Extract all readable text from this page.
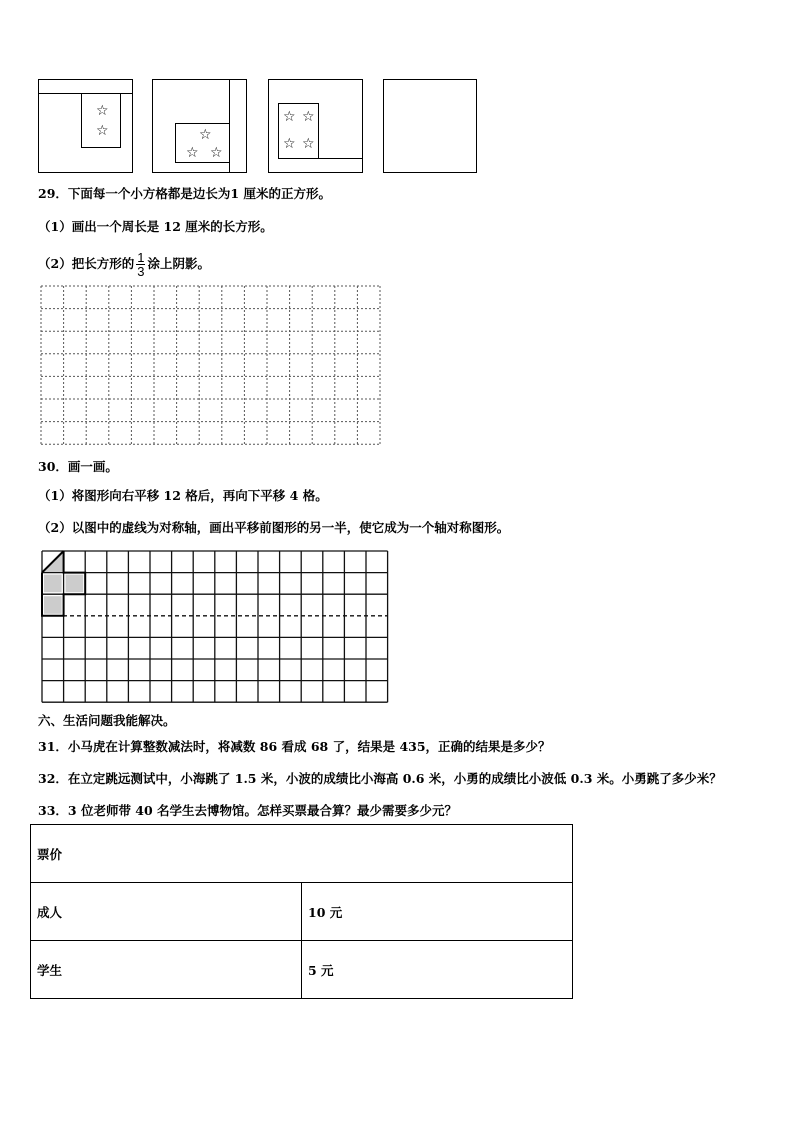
☆
☆	☆
☆ ☆
☆ ☆
☆ ☆
29．下面每一个小方格都是边长为1 厘米的正方形。
（1）画出一个周长是 12 厘米的长方形。
（2）把长方形的 $\frac{1}{3}$ 涂上阴影。
30．画一画。
（1）将图形向右平移 12 格后，再向下平移 4 格。
（2）以图中的虚线为对称轴，画出平移前图形的另一半，使它成为一个轴对称图形。
六、生活问题我能解决。
31．小马虎在计算整数减法时，将减数 86 看成 68 了，结果是 435，正确的结果是多少？
32．在立定跳远测试中，小海跳了 1.5 米，小波的成绩比小海高 0.6 米，小勇的成绩比小波低 0.3 米。小勇跳了多少米？
33．3 位老师带 40 名学生去博物馆。怎样买票最合算？最少需要多少元？
票价	
成人	10 元
学生	5 元
